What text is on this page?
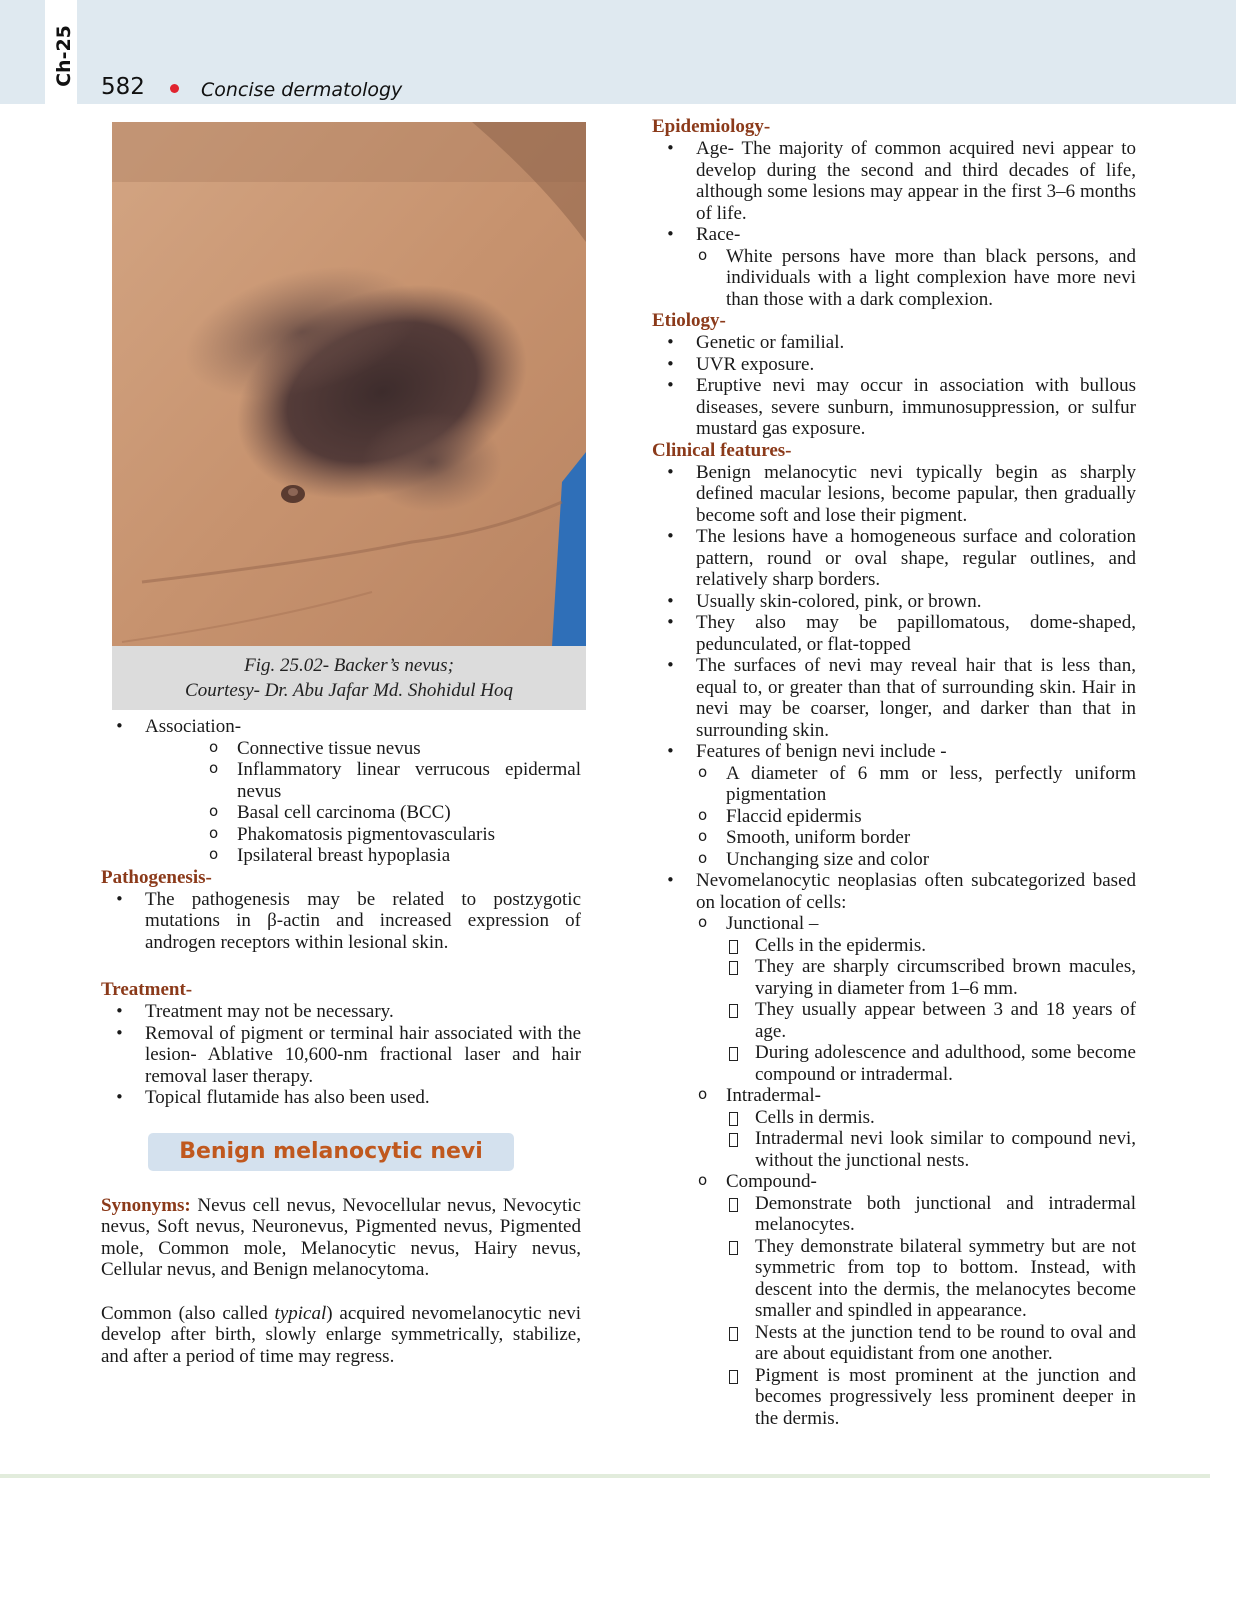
Ch-25
582	Concise dermatology
Fig. 25.02- Backer’s nevus;
Courtesy- Dr. Abu Jafar Md. Shohidul Hoq
• Association-
o Connective tissue nevus
o Inflammatory linear verrucous epidermal nevus
o Basal cell carcinoma (BCC)
o Phakomatosis pigmentovascularis
o Ipsilateral breast hypoplasia
Pathogenesis-
• The pathogenesis may be related to postzygotic mutations in β-actin and increased expression of androgen receptors within lesional skin.
Treatment-
• Treatment may not be necessary.
• Removal of pigment or terminal hair associated with the lesion- Ablative 10,600-nm fractional laser and hair removal laser therapy.
• Topical flutamide has also been used.
Benign melanocytic nevi

Synonyms: Nevus cell nevus, Nevocellular nevus, Nevocytic nevus, Soft nevus, Neuronevus, Pigmented nevus, Pigmented mole, Common mole, Melanocytic nevus, Hairy nevus, Cellular nevus, and Benign melanocytoma.

Common (also called typical) acquired nevomelanocytic nevi develop after birth, slowly enlarge symmetrically, stabilize, and after a period of time may regress.

Epidemiology-
• Age- The majority of common acquired nevi appear to develop during the second and third decades of life, although some lesions may appear in the first 3–6 months of life.
• Race-
o White persons have more than black persons, and individuals with a light complexion have more nevi than those with a dark complexion.
Etiology-
• Genetic or familial.
• UVR exposure.
• Eruptive nevi may occur in association with bullous diseases, severe sunburn, immunosuppression, or sulfur mustard gas exposure.
Clinical features-
• Benign melanocytic nevi typically begin as sharply defined macular lesions, become papular, then gradually become soft and lose their pigment.
• The lesions have a homogeneous surface and coloration pattern, round or oval shape, regular outlines, and relatively sharp borders.
• Usually skin-colored, pink, or brown.
• They also may be papillomatous, dome-shaped, pedunculated, or flat-topped
• The surfaces of nevi may reveal hair that is less than, equal to, or greater than that of surrounding skin. Hair in nevi may be coarser, longer, and darker than that in surrounding skin.
• Features of benign nevi include -
o A diameter of 6 mm or less, perfectly uniform pigmentation
o Flaccid epidermis
o Smooth, uniform border
o Unchanging size and color
• Nevomelanocytic neoplasias often subcategorized based on location of cells:
o Junctional –
Cells in the epidermis.
They are sharply circumscribed brown macules, varying in diameter from 1–6 mm.
They usually appear between 3 and 18 years of age.
During adolescence and adulthood, some become compound or intradermal.
o Intradermal-
Cells in dermis.
Intradermal nevi look similar to compound nevi, without the junctional nests.
o Compound-
Demonstrate both junctional and intradermal melanocytes.
They demonstrate bilateral symmetry but are not symmetric from top to bottom. Instead, with descent into the dermis, the melanocytes become smaller and spindled in appearance.
Nests at the junction tend to be round to oval and are about equidistant from one another.
Pigment is most prominent at the junction and becomes progressively less prominent deeper in the dermis.
